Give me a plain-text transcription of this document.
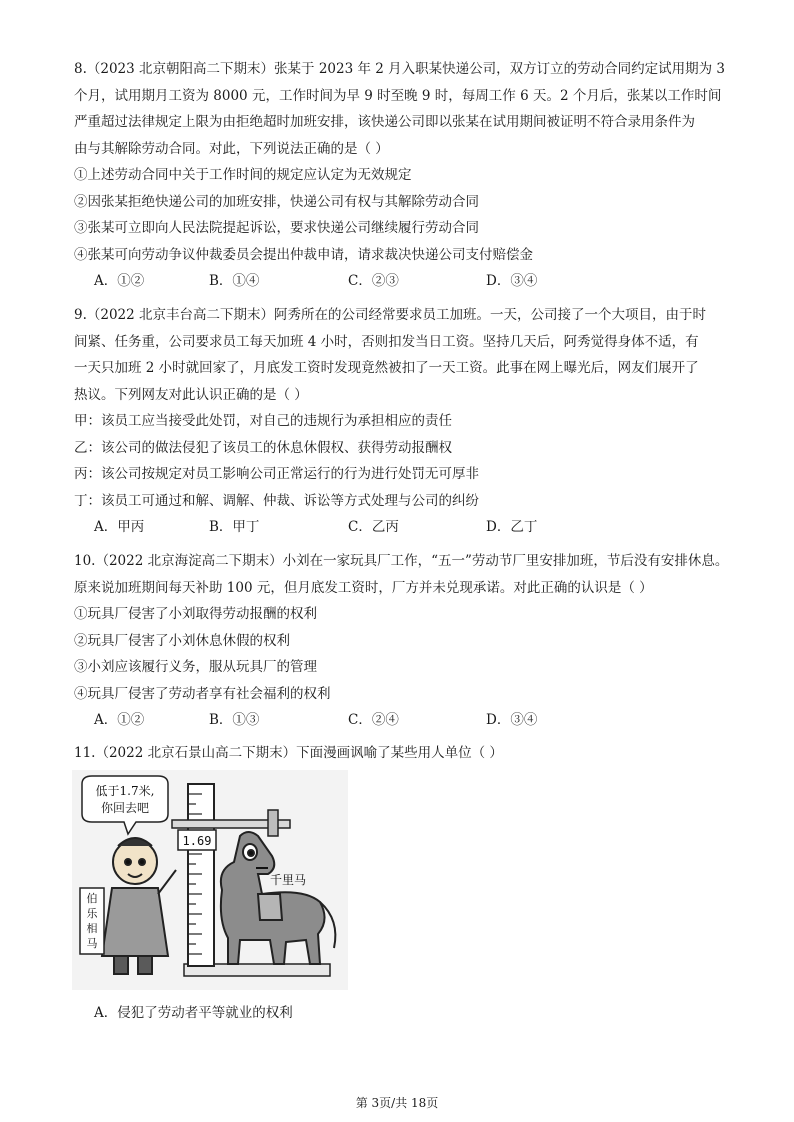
8.（2023 北京朝阳高二下期末）张某于 2023 年 2 月入职某快递公司，双方订立的劳动合同约定试用期为 3
个月，试用期月工资为 8000 元，工作时间为早 9 时至晚 9 时，每周工作 6 天。2 个月后，张某以工作时间
严重超过法律规定上限为由拒绝超时加班安排，该快递公司即以张某在试用期间被证明不符合录用条件为
由与其解除劳动合同。对此，下列说法正确的是（ ）
①上述劳动合同中关于工作时间的规定应认定为无效规定
②因张某拒绝快递公司的加班安排，快递公司有权与其解除劳动合同
③张某可立即向人民法院提起诉讼，要求快递公司继续履行劳动合同
④张某可向劳动争议仲裁委员会提出仲裁申请，请求裁决快递公司支付赔偿金
A．①②	B．①④	C．②③	D．③④
9.（2022 北京丰台高二下期末）阿秀所在的公司经常要求员工加班。一天，公司接了一个大项目，由于时
间紧、任务重，公司要求员工每天加班 4 小时，否则扣发当日工资。坚持几天后，阿秀觉得身体不适，有
一天只加班 2 小时就回家了，月底发工资时发现竟然被扣了一天工资。此事在网上曝光后，网友们展开了
热议。下列网友对此认识正确的是（ ）
甲：该员工应当接受此处罚，对自己的违规行为承担相应的责任
乙：该公司的做法侵犯了该员工的休息休假权、获得劳动报酬权
丙：该公司按规定对员工影响公司正常运行的行为进行处罚无可厚非
丁：该员工可通过和解、调解、仲裁、诉讼等方式处理与公司的纠纷
A．甲丙	B．甲丁	C．乙丙	D．乙丁
10.（2022 北京海淀高二下期末）小刘在一家玩具厂工作，“五一”劳动节厂里安排加班，节后没有安排休息。
原来说加班期间每天补助 100 元，但月底发工资时，厂方并未兑现承诺。对此正确的认识是（ ）
①玩具厂侵害了小刘取得劳动报酬的权利
②玩具厂侵害了小刘休息休假的权利
③小刘应该履行义务，服从玩具厂的管理
④玩具厂侵害了劳动者享有社会福利的权利
A．①②	B．①③	C．②④	D．③④
11.（2022 北京石景山高二下期末）下面漫画讽喻了某些用人单位（ ）
1.69
千里马
伯
乐
相
马
低于1.7米,
你回去吧
A．侵犯了劳动者平等就业的权利
第 3页/共 18页
